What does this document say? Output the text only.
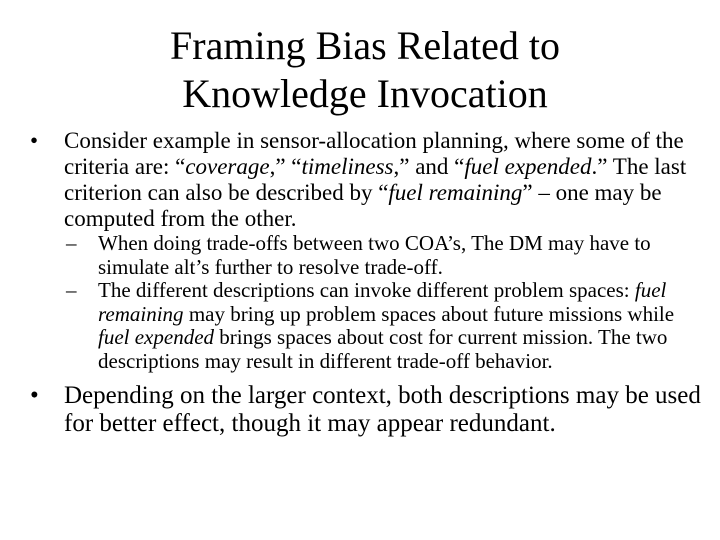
Framing Bias Related to
Knowledge Invocation
•	Consider example in sensor-allocation planning, where some of the criteria are: “coverage,” “timeliness,” and “fuel expended.” The last criterion can also be described by “fuel remaining” – one may be computed from the other.
– When doing trade-offs between two COA’s, The DM may have to simulate alt’s further to resolve trade-off.
– The different descriptions can invoke different problem spaces: fuel remaining may bring up problem spaces about future missions while fuel expended brings spaces about cost for current mission. The two descriptions may result in different trade-off behavior.
•	Depending on the larger context, both descriptions may be used for better effect, though it may appear redundant.
